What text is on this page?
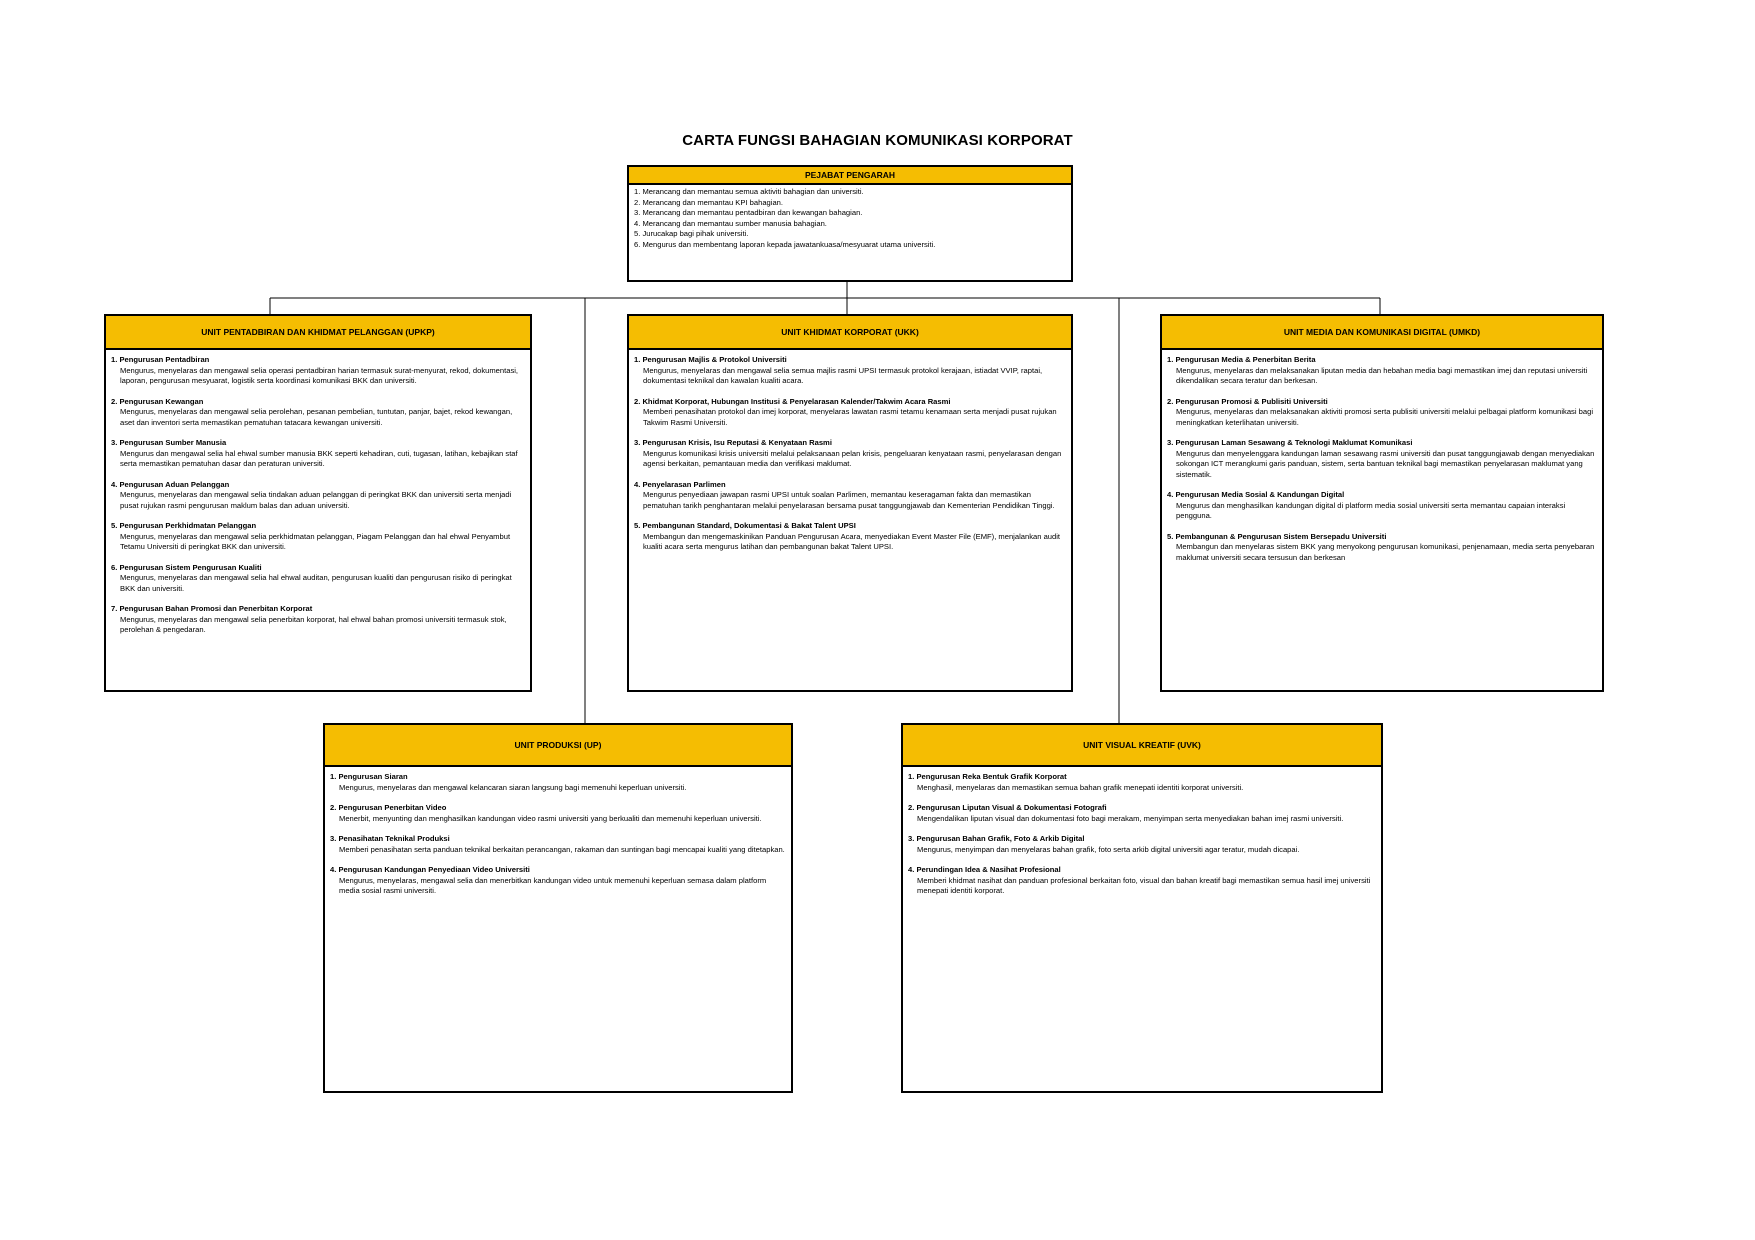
CARTA FUNGSI BAHAGIAN KOMUNIKASI KORPORAT
PEJABAT PENGARAH

1. Merancang dan memantau semua aktiviti bahagian dan universiti.

2. Merancang dan memantau KPI bahagian.

3. Merancang dan memantau pentadbiran dan kewangan bahagian.

4. Merancang dan memantau sumber manusia bahagian.

5. Jurucakap bagi pihak universiti.

6. Mengurus dan membentang laporan kepada jawatankuasa/mesyuarat utama universiti.

UNIT PENTADBIRAN DAN KHIDMAT PELANGGAN (UPKP)

1. Pengurusan Pentadbiran

Mengurus, menyelaras dan mengawal selia operasi pentadbiran harian termasuk surat-menyurat, rekod, dokumentasi, laporan, pengurusan mesyuarat, logistik serta koordinasi komunikasi BKK dan universiti.

2. Pengurusan Kewangan

Mengurus, menyelaras dan mengawal selia perolehan, pesanan pembelian, tuntutan, panjar, bajet, rekod kewangan, aset dan inventori serta memastikan pematuhan tatacara kewangan universiti.

3. Pengurusan Sumber Manusia

Mengurus dan mengawal selia hal ehwal sumber manusia BKK seperti kehadiran, cuti, tugasan, latihan, kebajikan staf serta memastikan pematuhan dasar dan peraturan universiti.

4. Pengurusan Aduan Pelanggan

Mengurus, menyelaras dan mengawal selia tindakan aduan pelanggan di peringkat BKK dan universiti serta menjadi pusat rujukan rasmi pengurusan maklum balas dan aduan universiti.

5. Pengurusan Perkhidmatan Pelanggan

Mengurus, menyelaras dan mengawal selia perkhidmatan pelanggan, Piagam Pelanggan dan hal ehwal Penyambut Tetamu Universiti di peringkat BKK dan universiti.

6. Pengurusan Sistem Pengurusan Kualiti

Mengurus, menyelaras dan mengawal selia hal ehwal auditan, pengurusan kualiti dan pengurusan risiko di peringkat BKK dan universiti.

7. Pengurusan Bahan Promosi dan Penerbitan Korporat

Mengurus, menyelaras dan mengawal selia penerbitan korporat, hal ehwal bahan promosi universiti termasuk stok, perolehan & pengedaran.

UNIT KHIDMAT KORPORAT (UKK)

1. Pengurusan Majlis & Protokol Universiti

Mengurus, menyelaras dan mengawal selia semua majlis rasmi UPSI termasuk protokol kerajaan, istiadat VVIP, raptai, dokumentasi teknikal dan kawalan kualiti acara.

2. Khidmat Korporat, Hubungan Institusi & Penyelarasan Kalender/Takwim Acara Rasmi

Memberi penasihatan protokol dan imej korporat, menyelaras lawatan rasmi tetamu kenamaan serta menjadi pusat rujukan Takwim Rasmi Universiti.

3. Pengurusan Krisis, Isu Reputasi & Kenyataan Rasmi

Mengurus komunikasi krisis universiti melalui pelaksanaan pelan krisis, pengeluaran kenyataan rasmi, penyelarasan dengan agensi berkaitan, pemantauan media dan verifikasi maklumat.

4. Penyelarasan Parlimen

Mengurus penyediaan jawapan rasmi UPSI untuk soalan Parlimen, memantau keseragaman fakta dan memastikan pematuhan tarikh penghantaran melalui penyelarasan bersama pusat tanggungjawab dan Kementerian Pendidikan Tinggi.

5. Pembangunan Standard, Dokumentasi & Bakat Talent UPSI

Membangun dan mengemaskinikan Panduan Pengurusan Acara, menyediakan Event Master File (EMF), menjalankan audit kualiti acara serta mengurus latihan dan pembangunan bakat Talent UPSI.

UNIT MEDIA DAN KOMUNIKASI DIGITAL (UMKD)

1. Pengurusan Media & Penerbitan Berita

Mengurus, menyelaras dan melaksanakan liputan media dan hebahan media bagi memastikan imej dan reputasi universiti dikendalikan secara teratur dan berkesan.

2. Pengurusan Promosi & Publisiti Universiti

Mengurus, menyelaras dan melaksanakan aktiviti promosi serta publisiti universiti melalui pelbagai platform komunikasi bagi meningkatkan keterlihatan universiti.

3. Pengurusan Laman Sesawang & Teknologi Maklumat Komunikasi

Mengurus dan menyelenggara kandungan laman sesawang rasmi universiti dan pusat tanggungjawab dengan menyediakan sokongan ICT merangkumi garis panduan, sistem, serta bantuan teknikal bagi memastikan penyelarasan maklumat yang sistematik.

4. Pengurusan Media Sosial & Kandungan Digital

Mengurus dan menghasilkan kandungan digital di platform media sosial universiti serta memantau capaian interaksi pengguna.

5. Pembangunan & Pengurusan Sistem Bersepadu Universiti

Membangun dan menyelaras sistem BKK yang menyokong pengurusan komunikasi, penjenamaan, media serta penyebaran maklumat universiti secara tersusun dan berkesan

UNIT PRODUKSI (UP)

1. Pengurusan Siaran

Mengurus, menyelaras dan mengawal kelancaran siaran langsung bagi memenuhi keperluan universiti.

2. Pengurusan Penerbitan Video

Menerbit, menyunting dan menghasilkan kandungan video rasmi universiti yang berkualiti dan memenuhi keperluan universiti.

3. Penasihatan Teknikal Produksi

Memberi penasihatan serta panduan teknikal berkaitan perancangan, rakaman dan suntingan bagi mencapai kualiti yang ditetapkan.

4. Pengurusan Kandungan Penyediaan Video Universiti

Mengurus, menyelaras, mengawal selia dan menerbitkan kandungan video untuk memenuhi keperluan semasa dalam platform media sosial rasmi universiti.

UNIT VISUAL KREATIF (UVK)

1. Pengurusan Reka Bentuk Grafik Korporat

Menghasil, menyelaras dan memastikan semua bahan grafik menepati identiti korporat universiti.

2. Pengurusan Liputan Visual & Dokumentasi Fotografi

Mengendalikan liputan visual dan dokumentasi foto bagi merakam, menyimpan serta menyediakan bahan imej rasmi universiti.

3. Pengurusan Bahan Grafik, Foto & Arkib Digital

Mengurus, menyimpan dan menyelaras bahan grafik, foto serta arkib digital universiti agar teratur, mudah dicapai.

4. Perundingan Idea & Nasihat Profesional

Memberi khidmat nasihat dan panduan profesional berkaitan foto, visual dan bahan kreatif bagi memastikan semua hasil imej universiti menepati identiti korporat.
